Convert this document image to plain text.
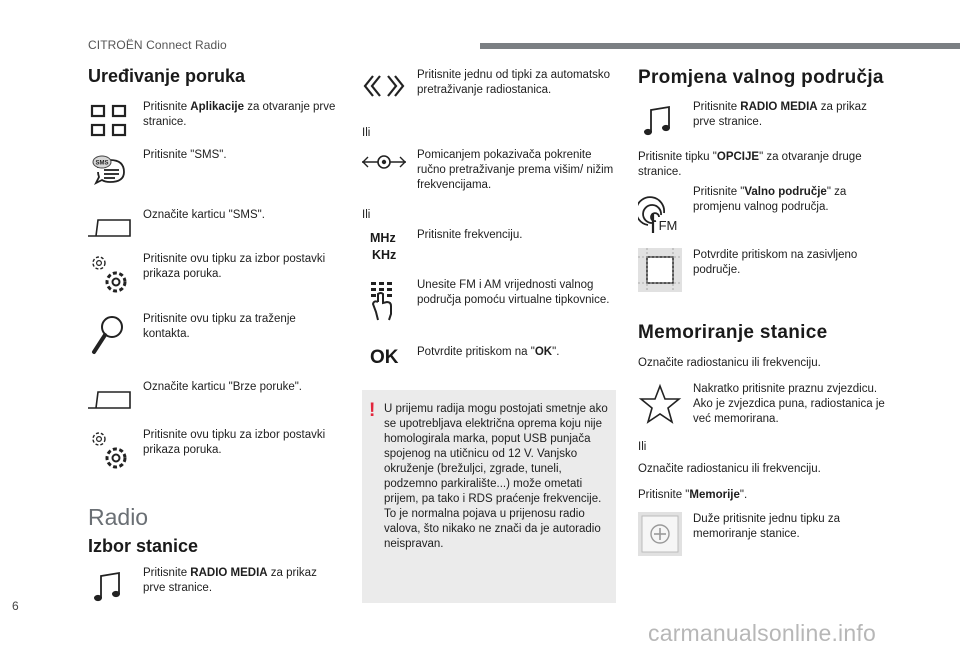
CITROËN Connect Radio
Uređivanje poruka
Pritisnite Aplikacije za otvaranje prve stranice.
SMS
Pritisnite "SMS".
Označite karticu "SMS".
Pritisnite ovu tipku za izbor postavki prikaza poruka.
Pritisnite ovu tipku za traženje kontakta.
Označite karticu "Brze poruke".
Pritisnite ovu tipku za izbor postavki prikaza poruka.
Radio
Izbor stanice
Pritisnite RADIO MEDIA za prikaz prve stranice.
Pritisnite jednu od tipki za automatsko pretraživanje radiostanica.
Ili
Pomicanjem pokazivača pokrenite ručno pretraživanje prema višim/ nižim frekvencijama.
Ili
MHz
KHz
Pritisnite frekvenciju.
Unesite FM i AM vrijednosti valnog područja pomoću virtualne tipkovnice.
OK	Potvrdite pritiskom na "OK".
! U prijemu radija mogu postojati smetnje ako se upotrebljava električna oprema koju nije homologirala marka, poput USB punjača spojenog na utičnicu od 12 V. Vanjsko okruženje (brežuljci, zgrade, tuneli, podzemno parkiralište...) može ometati prijem, pa tako i RDS praćenje frekvencije. To je normalna pojava u prijenosu radio valova, što nikako ne znači da je autoradio neispravan.
Promjena valnog područja
Pritisnite RADIO MEDIA za prikaz prve stranice.
Pritisnite tipku "OPCIJE" za otvaranje druge stranice.
FM
Pritisnite "Valno područje" za promjenu valnog područja.
Potvrdite pritiskom na zasivljeno područje.
Memoriranje stanice
Označite radiostanicu ili frekvenciju.
Nakratko pritisnite praznu zvjezdicu. Ako je zvjezdica puna, radiostanica je već memorirana.
Ili
Označite radiostanicu ili frekvenciju.
Pritisnite "Memorije".
Duže pritisnite jednu tipku za memoriranje stanice.
6
carmanualsonline.info
